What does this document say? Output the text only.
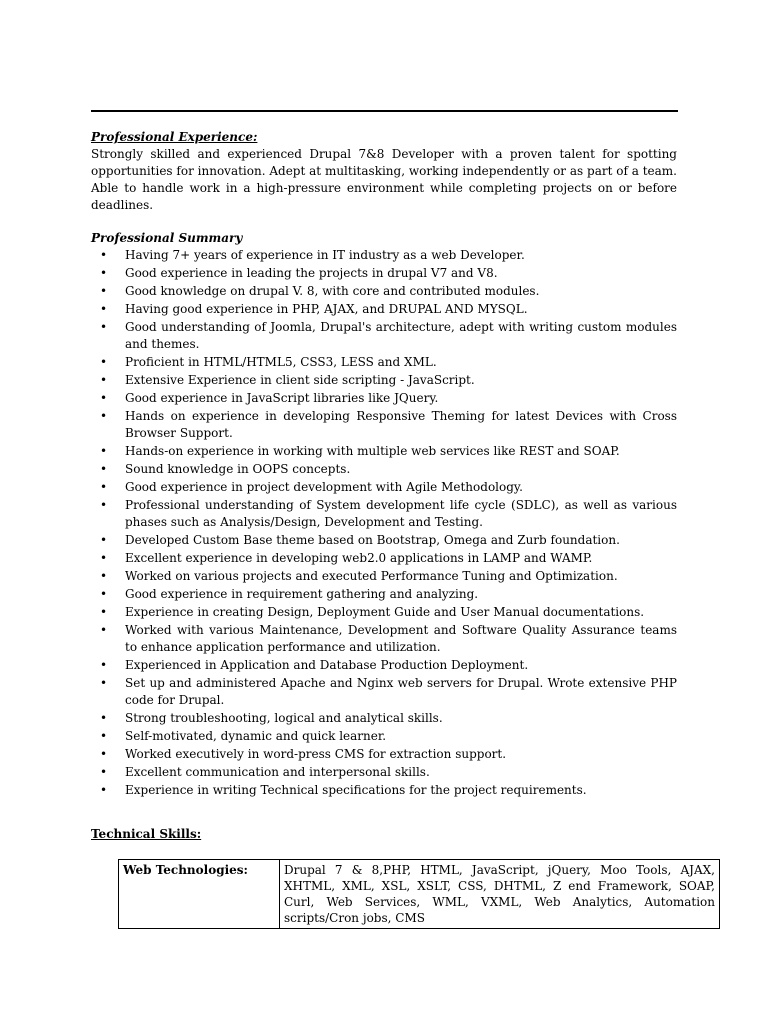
Professional Experience:

Strongly skilled and experienced Drupal 7&8 Developer with a proven talent for spotting opportunities for innovation. Adept at multitasking, working independently or as part of a team. Able to handle work in a high-pressure environment while completing projects on or before deadlines.

Professional Summary

• Having 7+ years of experience in IT industry as a web Developer.
• Good experience in leading the projects in drupal V7 and V8.
• Good knowledge on drupal V. 8, with core and contributed modules.
• Having good experience in PHP, AJAX, and DRUPAL AND MYSQL.
• Good understanding of Joomla, Drupal's architecture, adept with writing custom modules and themes.
• Proficient in HTML/HTML5, CSS3, LESS and XML.
• Extensive Experience in client side scripting - JavaScript.
• Good experience in JavaScript libraries like JQuery.
• Hands on experience in developing Responsive Theming for latest Devices with Cross Browser Support.
• Hands-on experience in working with multiple web services like REST and SOAP.
• Sound knowledge in OOPS concepts.
• Good experience in project development with Agile Methodology.
• Professional understanding of System development life cycle (SDLC), as well as various phases such as Analysis/Design, Development and Testing.
• Developed Custom Base theme based on Bootstrap, Omega and Zurb foundation.
• Excellent experience in developing web2.0 applications in LAMP and WAMP.
• Worked on various projects and executed Performance Tuning and Optimization.
• Good experience in requirement gathering and analyzing.
• Experience in creating Design, Deployment Guide and User Manual documentations.
• Worked with various Maintenance, Development and Software Quality Assurance teams to enhance application performance and utilization.
• Experienced in Application and Database Production Deployment.
• Set up and administered Apache and Nginx web servers for Drupal. Wrote extensive PHP code for Drupal.
• Strong troubleshooting, logical and analytical skills.
• Self-motivated, dynamic and quick learner.
• Worked executively in word-press CMS for extraction support.
• Excellent communication and interpersonal skills.
• Experience in writing Technical specifications for the project requirements.

Technical Skills:

Web Technologies:	Drupal 7 & 8,PHP, HTML, JavaScript, jQuery, Moo Tools, AJAX, XHTML, XML, XSL, XSLT, CSS, DHTML, Z end Framework, SOAP, Curl, Web Services, WML, VXML, Web Analytics, Automation scripts/Cron jobs, CMS
